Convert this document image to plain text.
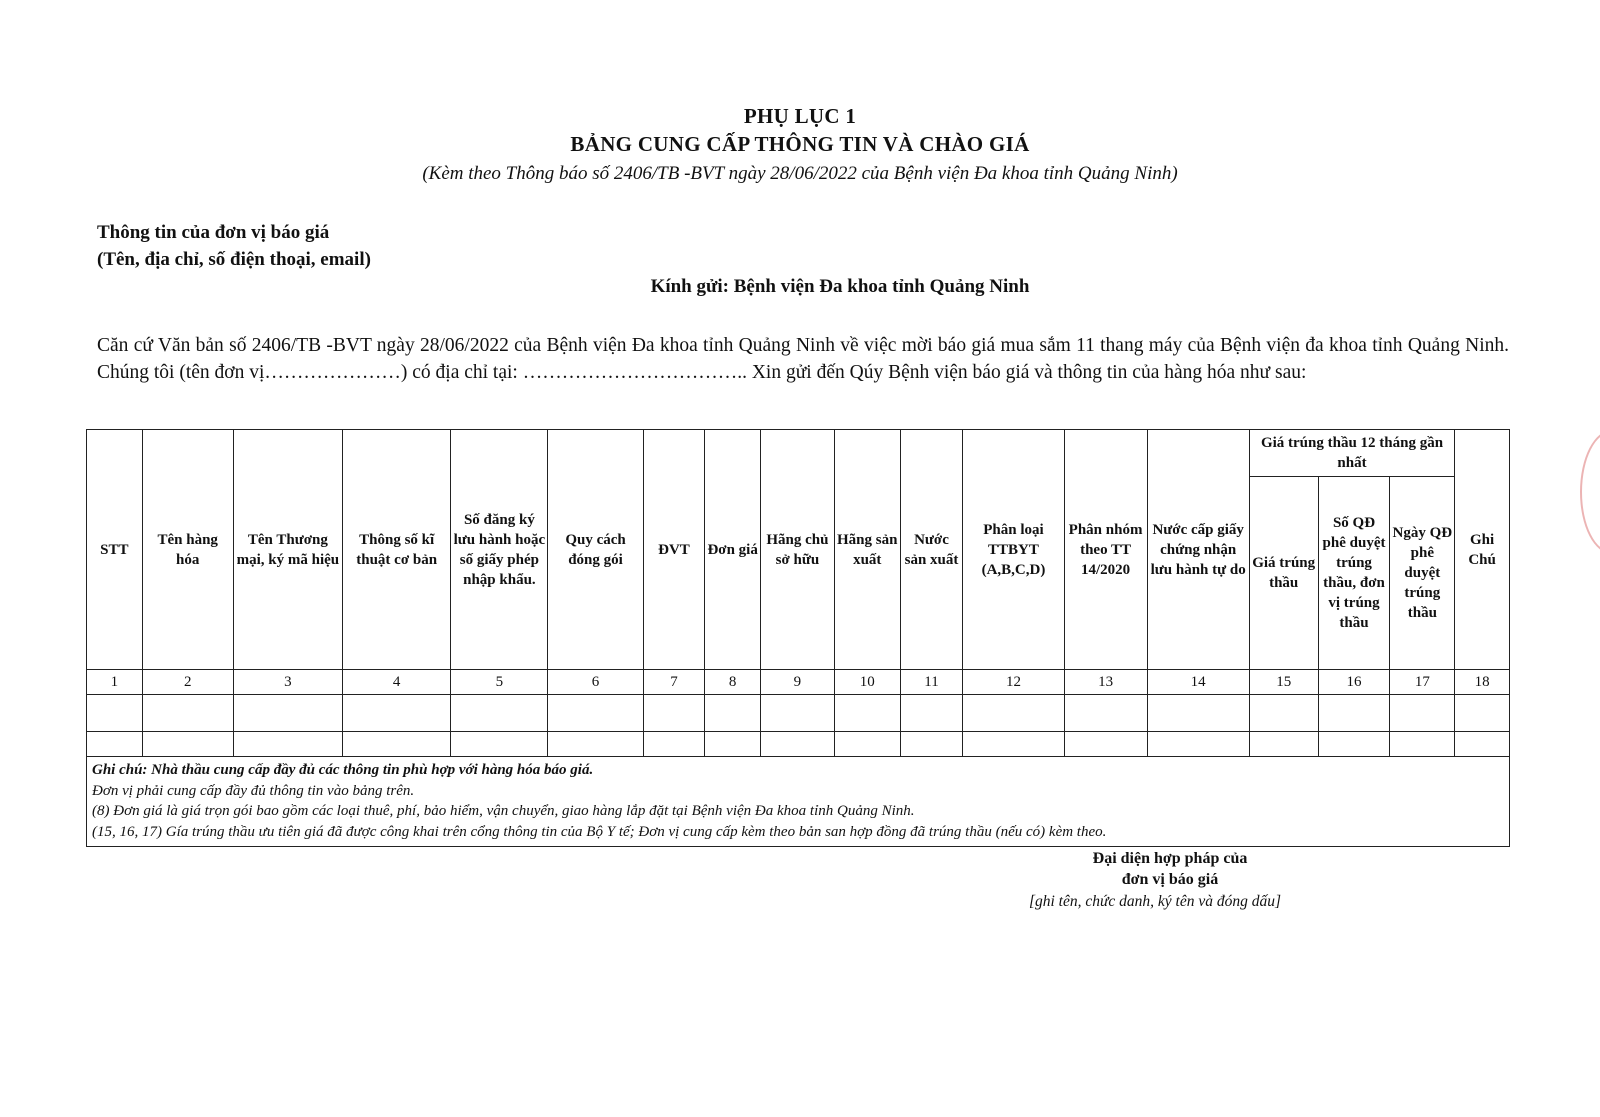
PHỤ LỤC 1
BẢNG CUNG CẤP THÔNG TIN VÀ CHÀO GIÁ
(Kèm theo Thông báo số 2406/TB -BVT ngày 28/06/2022 của Bệnh viện Đa khoa tỉnh Quảng Ninh)
Thông tin của đơn vị báo giá
(Tên, địa chỉ, số điện thoại, email)
Kính gửi: Bệnh viện Đa khoa tỉnh Quảng Ninh
Căn cứ Văn bản số 2406/TB -BVT ngày 28/06/2022 của Bệnh viện Đa khoa tỉnh Quảng Ninh về việc mời báo giá mua sắm 11 thang máy của Bệnh viện đa khoa tỉnh Quảng Ninh. Chúng tôi (tên đơn vị…………………) có địa chỉ tại: …………………………….. Xin gửi đến Qúy Bệnh viện báo giá và thông tin của hàng hóa như sau:
STT	Tên hàng hóa	Tên Thương mại, ký mã hiệu	Thông số kĩ thuật cơ bản	Số đăng ký lưu hành hoặc số giấy phép nhập khẩu.	Quy cách đóng gói	ĐVT	Đơn giá	Hãng chủ sở hữu	Hãng sản xuất	Nước sản xuất	Phân loại TTBYT (A,B,C,D)	Phân nhóm theo TT 14/2020	Nước cấp giấy chứng nhận lưu hành tự do	Giá trúng thầu 12 tháng gần nhất			Ghi Chú
														Giá trúng thầu	Số QĐ phê duyệt trúng thầu, đơn vị trúng thầu	Ngày QĐ phê duyệt trúng thầu	
1	2	3	4	5	6	7	8	9	10	11	12	13	14	15	16	17	18

Ghi chú: Nhà thầu cung cấp đầy đủ các thông tin phù hợp với hàng hóa báo giá.
Đơn vị phải cung cấp đầy đủ thông tin vào bảng trên.
(8) Đơn giá là giá trọn gói bao gồm các loại thuê, phí, bảo hiểm, vận chuyển, giao hàng lắp đặt tại Bệnh viện Đa khoa tỉnh Quảng Ninh.
(15, 16, 17) Gía trúng thầu ưu tiên giá đã được công khai trên cổng thông tin của Bộ Y tế; Đơn vị cung cấp kèm theo bản san hợp đồng đã trúng thầu (nếu có) kèm theo.
Đại diện hợp pháp của
đơn vị báo giá
[ghi tên, chức danh, ký tên và đóng dấu]
